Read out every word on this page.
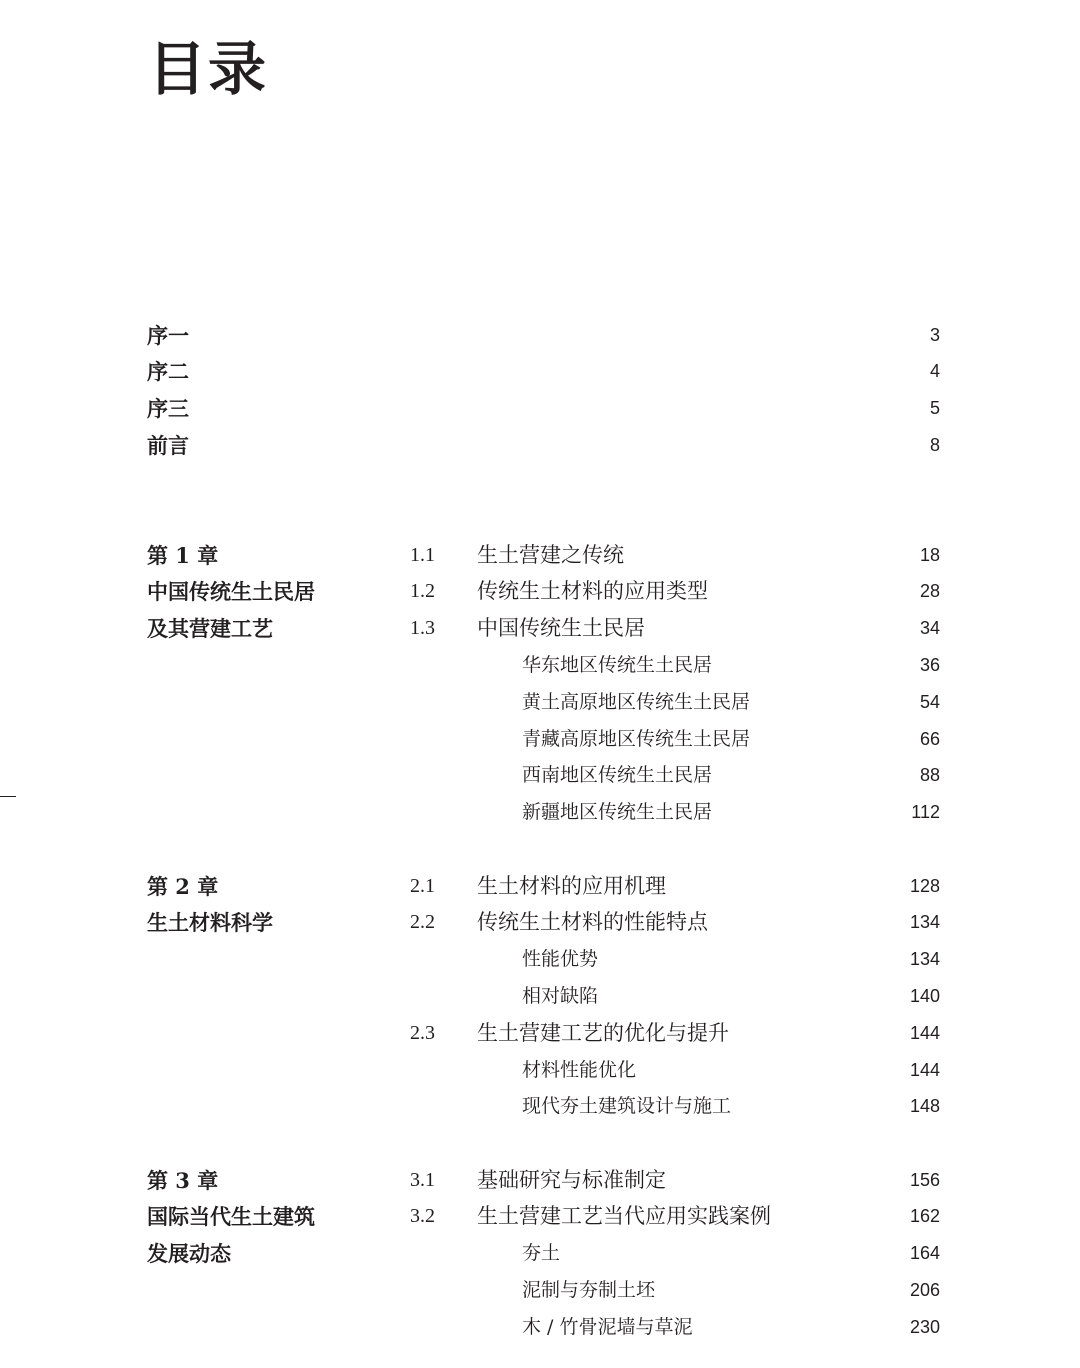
目录
序一	3
序二	4
序三	5
前言	8
第 1 章	1.1 生土营建之传统	18
中国传统生土民居	1.2 传统生土材料的应用类型	28
及其营建工艺	1.3 中国传统生土民居	34
华东地区传统生土民居	36
黄土高原地区传统生土民居	54
青藏高原地区传统生土民居	66
西南地区传统生土民居	88
新疆地区传统生土民居	112
第 2 章	2.1 生土材料的应用机理	128
生土材料科学	2.2 传统生土材料的性能特点	134
性能优势	134
相对缺陷	140
2.3 生土营建工艺的优化与提升	144
材料性能优化	144
现代夯土建筑设计与施工	148
第 3 章	3.1 基础研究与标准制定	156
国际当代生土建筑	3.2 生土营建工艺当代应用实践案例	162
发展动态	夯土	164
泥制与夯制土坯	206
木 / 竹骨泥墙与草泥	230
